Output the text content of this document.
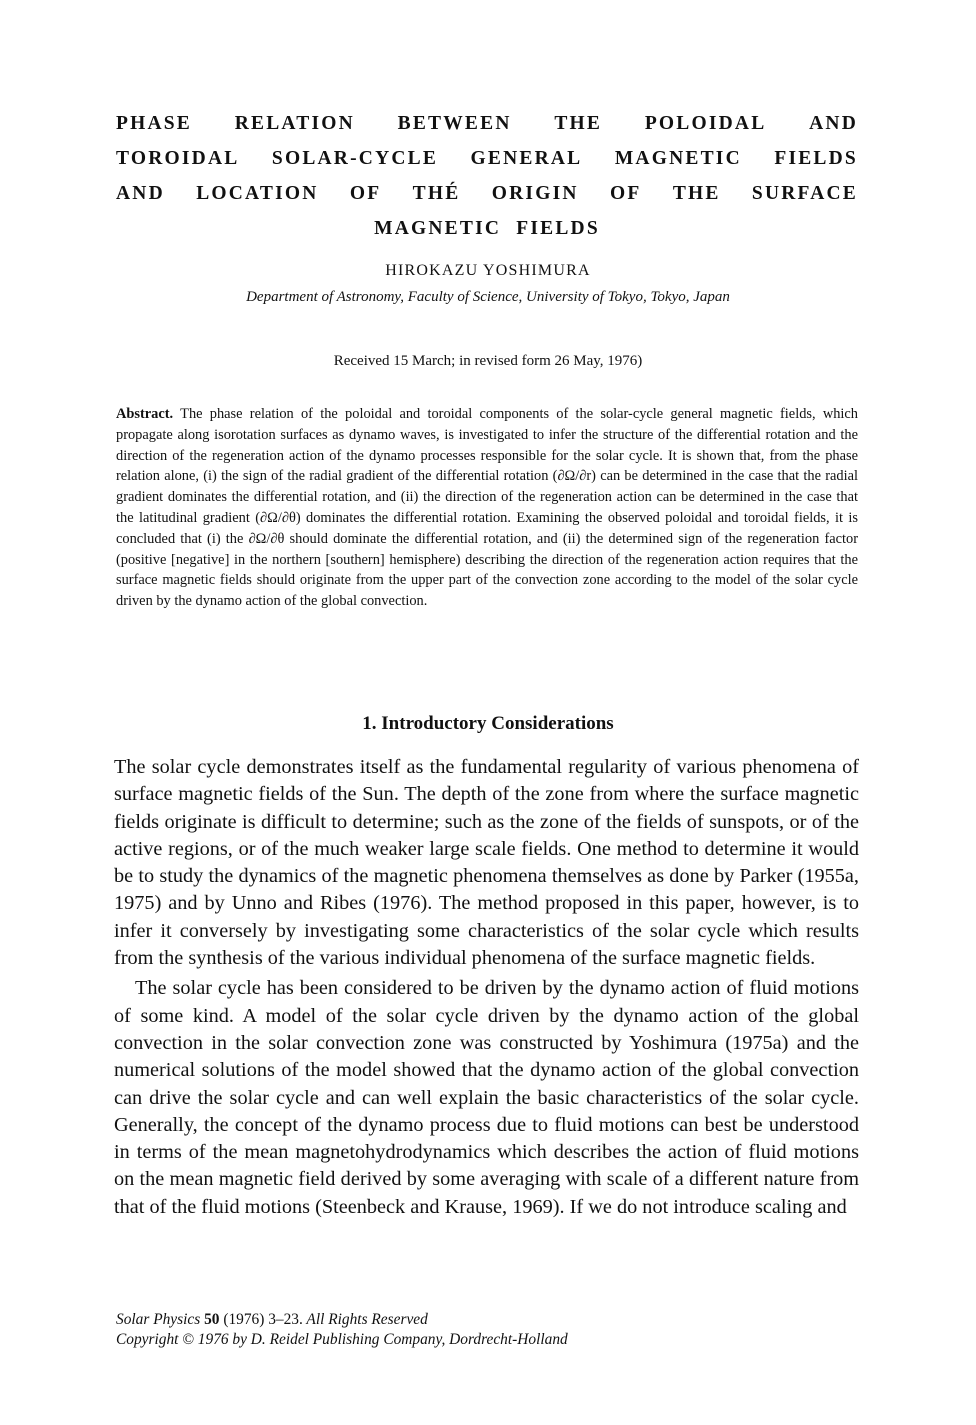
PHASE RELATION BETWEEN THE POLOIDAL AND
TOROIDAL SOLAR-CYCLE GENERAL MAGNETIC FIELDS
AND LOCATION OF THÉ ORIGIN OF THE SURFACE
MAGNETIC FIELDS
HIROKAZU YOSHIMURA
Department of Astronomy, Faculty of Science, University of Tokyo, Tokyo, Japan
Received 15 March; in revised form 26 May, 1976)
Abstract. The phase relation of the poloidal and toroidal components of the solar-cycle general magnetic fields, which propagate along isorotation surfaces as dynamo waves, is investigated to infer the structure of the differential rotation and the direction of the regeneration action of the dynamo processes responsible for the solar cycle. It is shown that, from the phase relation alone, (i) the sign of the radial gradient of the differential rotation (∂Ω/∂r) can be determined in the case that the radial gradient dominates the differential rotation, and (ii) the direction of the regeneration action can be determined in the case that the latitudinal gradient (∂Ω/∂θ) dominates the differential rotation. Examining the observed poloidal and toroidal fields, it is concluded that (i) the ∂Ω/∂θ should dominate the differential rotation, and (ii) the determined sign of the regeneration factor (positive [negative] in the northern [southern] hemisphere) describing the direction of the regeneration action requires that the surface magnetic fields should originate from the upper part of the convection zone according to the model of the solar cycle driven by the dynamo action of the global convection.
1. Introductory Considerations

The solar cycle demonstrates itself as the fundamental regularity of various phenomena of surface magnetic fields of the Sun. The depth of the zone from where the surface magnetic fields originate is difficult to determine; such as the zone of the fields of sunspots, or of the active regions, or of the much weaker large scale fields. One method to determine it would be to study the dynamics of the magnetic phenomena themselves as done by Parker (1955a, 1975) and by Unno and Ribes (1976). The method proposed in this paper, however, is to infer it conversely by investigating some characteristics of the solar cycle which results from the synthesis of the various individual phenomena of the surface magnetic fields.

The solar cycle has been considered to be driven by the dynamo action of fluid motions of some kind. A model of the solar cycle driven by the dynamo action of the global convection in the solar convection zone was constructed by Yoshimura (1975a) and the numerical solutions of the model showed that the dynamo action of the global convection can drive the solar cycle and can well explain the basic characteristics of the solar cycle. Generally, the concept of the dynamo process due to fluid motions can best be understood in terms of the mean magnetohydrodynamics which describes the action of fluid motions on the mean magnetic field derived by some averaging with scale of a different nature from that of the fluid motions (Steenbeck and Krause, 1969). If we do not introduce scaling and

Solar Physics 50 (1976) 3–23. All Rights Reserved
Copyright © 1976 by D. Reidel Publishing Company, Dordrecht-Holland
